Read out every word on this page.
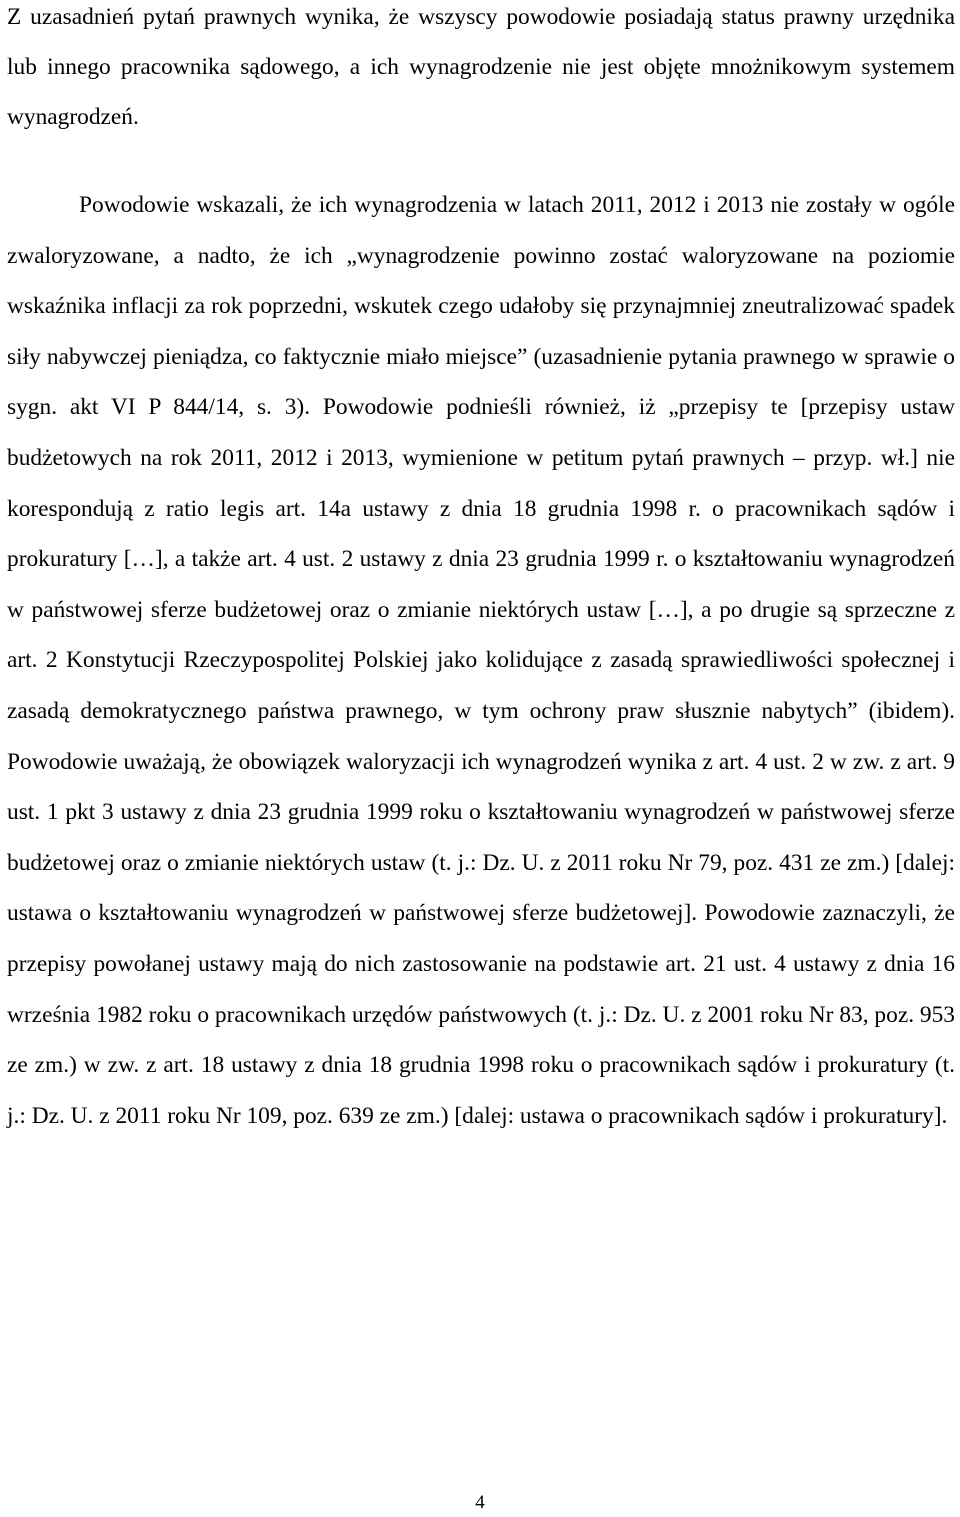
Z uzasadnień pytań prawnych wynika, że wszyscy powodowie posiadają status prawny urzędnika lub innego pracownika sądowego, a ich wynagrodzenie nie jest objęte mnożnikowym systemem wynagrodzeń.

Powodowie wskazali, że ich wynagrodzenia w latach 2011, 2012 i 2013 nie zostały w ogóle zwaloryzowane, a nadto, że ich „wynagrodzenie powinno zostać waloryzowane na poziomie wskaźnika inflacji za rok poprzedni, wskutek czego udałoby się przynajmniej zneutralizować spadek siły nabywczej pieniądza, co faktycznie miało miejsce” (uzasadnienie pytania prawnego w sprawie o sygn. akt VI P 844/14, s. 3). Powodowie podnieśli również, iż „przepisy te [przepisy ustaw budżetowych na rok 2011, 2012 i 2013, wymienione w petitum pytań prawnych – przyp. wł.] nie korespondują z ratio legis art. 14a ustawy z dnia 18 grudnia 1998 r. o pracownikach sądów i prokuratury […], a także art. 4 ust. 2 ustawy z dnia 23 grudnia 1999 r. o kształtowaniu wynagrodzeń w państwowej sferze budżetowej oraz o zmianie niektórych ustaw […], a po drugie są sprzeczne z art. 2 Konstytucji Rzeczypospolitej Polskiej jako kolidujące z zasadą sprawiedliwości społecznej i zasadą demokratycznego państwa prawnego, w tym ochrony praw słusznie nabytych” (ibidem). Powodowie uważają, że obowiązek waloryzacji ich wynagrodzeń wynika z art. 4 ust. 2 w zw. z art. 9 ust. 1 pkt 3 ustawy z dnia 23 grudnia 1999 roku o kształtowaniu wynagrodzeń w państwowej sferze budżetowej oraz o zmianie niektórych ustaw (t. j.: Dz. U. z 2011 roku Nr 79, poz. 431 ze zm.) [dalej: ustawa o kształtowaniu wynagrodzeń w państwowej sferze budżetowej]. Powodowie zaznaczyli, że przepisy powołanej ustawy mają do nich zastosowanie na podstawie art. 21 ust. 4 ustawy z dnia 16 września 1982 roku o pracownikach urzędów państwowych (t. j.: Dz. U. z 2001 roku Nr 83, poz. 953 ze zm.) w zw. z art. 18 ustawy z dnia 18 grudnia 1998 roku o pracownikach sądów i prokuratury (t. j.: Dz. U. z 2011 roku Nr 109, poz. 639 ze zm.) [dalej: ustawa o pracownikach sądów i prokuratury].

4
